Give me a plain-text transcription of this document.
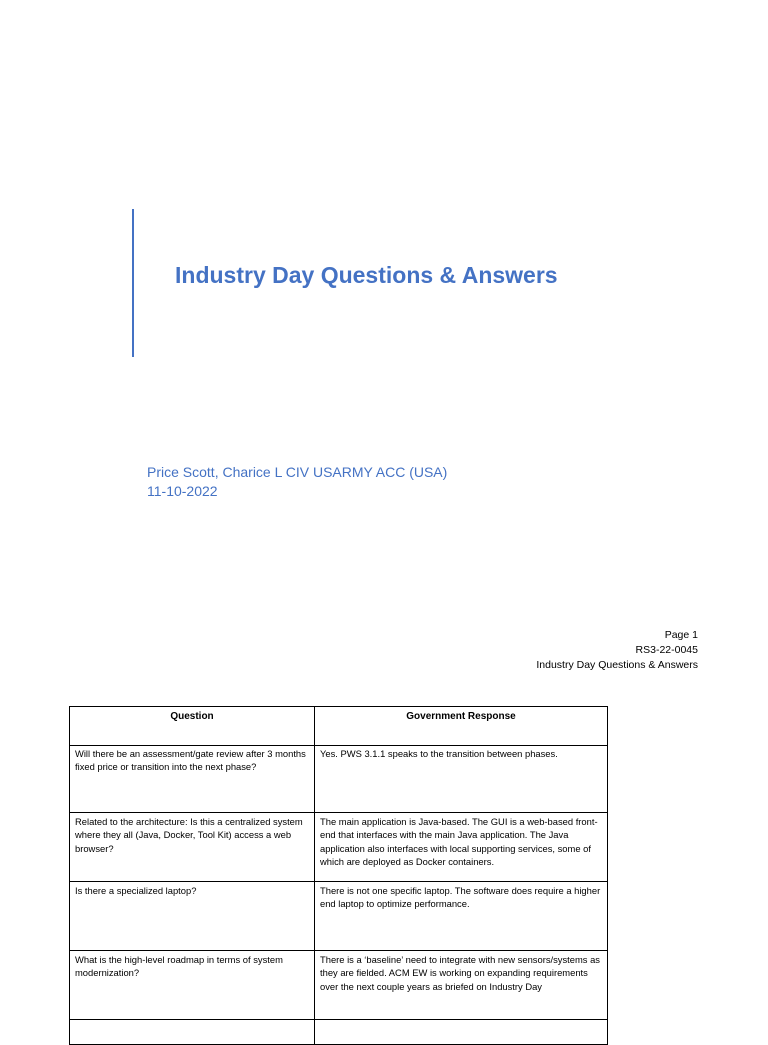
Industry Day Questions & Answers
Price Scott, Charice L CIV USARMY ACC (USA)
11-10-2022
Page 1
RS3-22-0045
Industry Day Questions & Answers
Question	Government Response
Will there be an assessment/gate review after 3 months fixed price or transition into the next phase?	Yes. PWS 3.1.1 speaks to the transition between phases.
Related to the architecture: Is this a centralized system where they all (Java, Docker, Tool Kit) access a web browser?	The main application is Java-based. The GUI is a web-based front-end that interfaces with the main Java application. The Java application also interfaces with local supporting services, some of which are deployed as Docker containers.
Is there a specialized laptop?	There is not one specific laptop. The software does require a higher end laptop to optimize performance.
What is the high-level roadmap in terms of system modernization?	There is a ‘baseline’ need to integrate with new sensors/systems as they are fielded. ACM EW is working on expanding requirements over the next couple years as briefed on Industry Day
